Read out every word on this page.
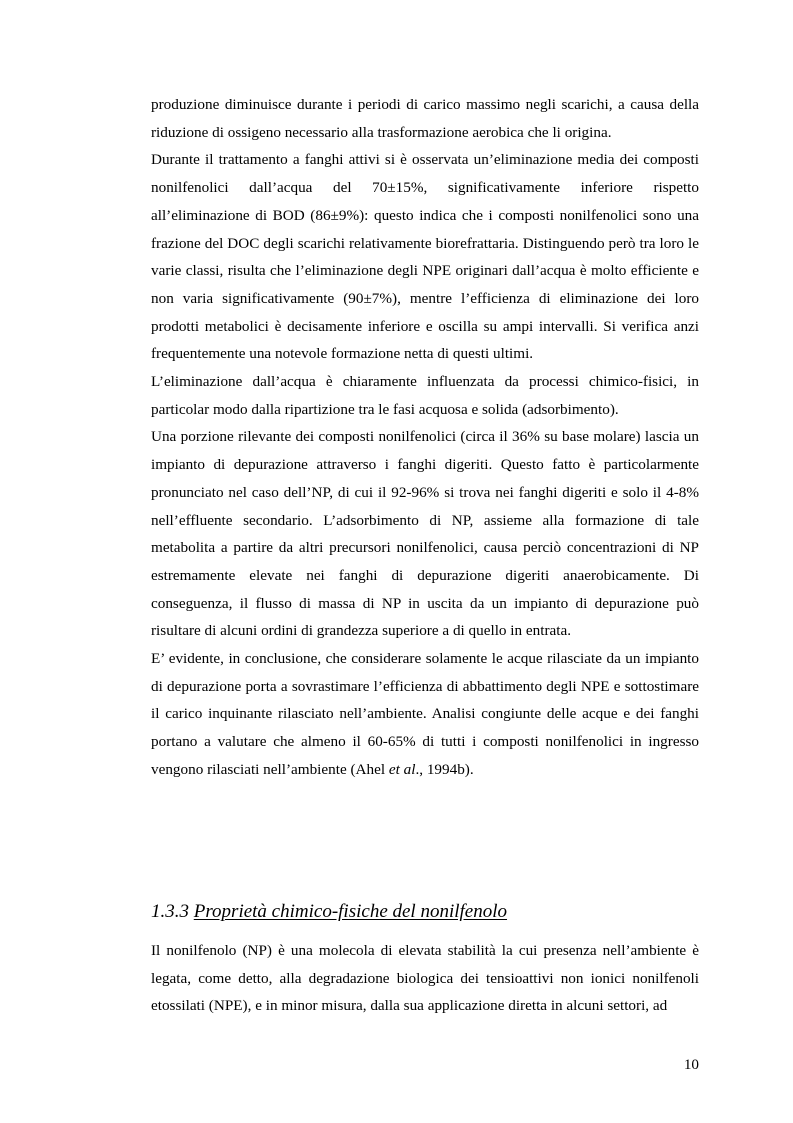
produzione diminuisce durante i periodi di carico massimo negli scarichi, a causa della riduzione di ossigeno necessario alla trasformazione aerobica che li origina.

Durante il trattamento a fanghi attivi si è osservata un’eliminazione media dei composti nonilfenolici dall’acqua del 70±15%, significativamente inferiore rispetto all’eliminazione di BOD (86±9%): questo indica che i composti nonilfenolici sono una frazione del DOC degli scarichi relativamente biorefrattaria. Distinguendo però tra loro le varie classi, risulta che l’eliminazione degli NPE originari dall’acqua è molto efficiente e non varia significativamente (90±7%), mentre l’efficienza di eliminazione dei loro prodotti metabolici è decisamente inferiore e oscilla su ampi intervalli. Si verifica anzi frequentemente una notevole formazione netta di questi ultimi.

L’eliminazione dall’acqua è chiaramente influenzata da processi chimico-fisici, in particolar modo dalla ripartizione tra le fasi acquosa e solida (adsorbimento).

Una porzione rilevante dei composti nonilfenolici (circa il 36% su base molare) lascia un impianto di depurazione attraverso i fanghi digeriti. Questo fatto è particolarmente pronunciato nel caso dell’NP, di cui il 92-96% si trova nei fanghi digeriti e solo il 4-8% nell’effluente secondario. L’adsorbimento di NP, assieme alla formazione di tale metabolita a partire da altri precursori nonilfenolici, causa perciò concentrazioni di NP estremamente elevate nei fanghi di depurazione digeriti anaerobicamente. Di conseguenza, il flusso di massa di NP in uscita da un impianto di depurazione può risultare di alcuni ordini di grandezza superiore a di quello in entrata.

E’ evidente, in conclusione, che considerare solamente le acque rilasciate da un impianto di depurazione porta a sovrastimare l’efficienza di abbattimento degli NPE e sottostimare il carico inquinante rilasciato nell’ambiente. Analisi congiunte delle acque e dei fanghi portano a valutare che almeno il 60-65% di tutti i composti nonilfenolici in ingresso vengono rilasciati nell’ambiente (Ahel et al., 1994b).

1.3.3 Proprietà chimico-fisiche del nonilfenolo

Il nonilfenolo (NP) è una molecola di elevata stabilità la cui presenza nell’ambiente è legata, come detto, alla degradazione biologica dei tensioattivi non ionici nonilfenoli etossilati (NPE), e in minor misura, dalla sua applicazione diretta in alcuni settori, ad

10
